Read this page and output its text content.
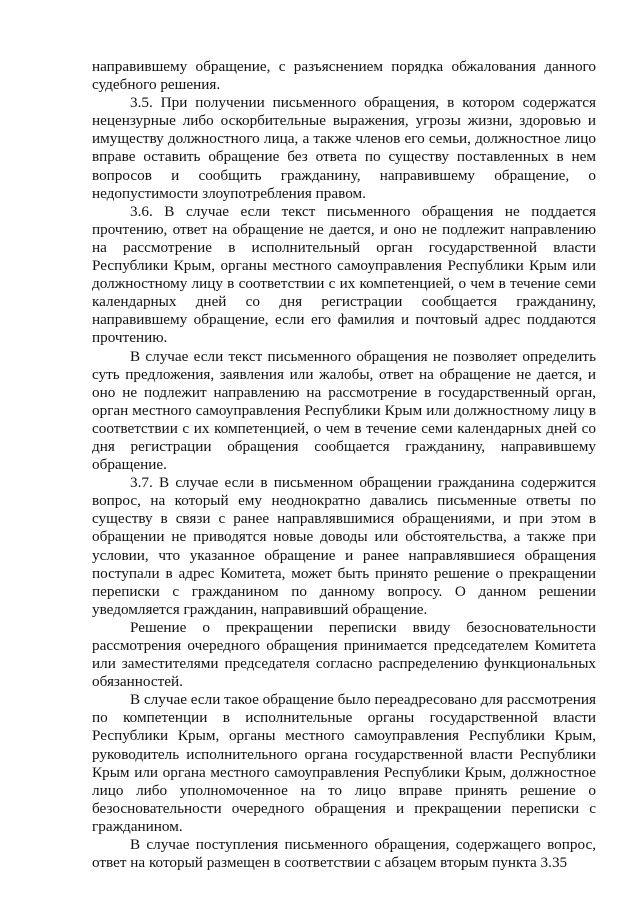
направившему обращение, с разъяснением порядка обжалования данного судебного решения.

3.5. При получении письменного обращения, в котором содержатся нецензурные либо оскорбительные выражения, угрозы жизни, здоровью и имуществу должностного лица, а также членов его семьи, должностное лицо вправе оставить обращение без ответа по существу поставленных в нем вопросов и сообщить гражданину, направившему обращение, о недопустимости злоупотребления правом.

3.6. В случае если текст письменного обращения не поддается прочтению, ответ на обращение не дается, и оно не подлежит направлению на рассмотрение в исполнительный орган государственной власти Республики Крым, органы местного самоуправления Республики Крым или должностному лицу в соответствии с их компетенцией, о чем в течение семи календарных дней со дня регистрации сообщается гражданину, направившему обращение, если его фамилия и почтовый адрес поддаются прочтению.

В случае если текст письменного обращения не позволяет определить суть предложения, заявления или жалобы, ответ на обращение не дается, и оно не подлежит направлению на рассмотрение в государственный орган, орган местного самоуправления Республики Крым или должностному лицу в соответствии с их компетенцией, о чем в течение семи календарных дней со дня регистрации обращения сообщается гражданину, направившему обращение.

3.7. В случае если в письменном обращении гражданина содержится вопрос, на который ему неоднократно давались письменные ответы по существу в связи с ранее направлявшимися обращениями, и при этом в обращении не приводятся новые доводы или обстоятельства, а также при условии, что указанное обращение и ранее направлявшиеся обращения поступали в адрес Комитета, может быть принято решение о прекращении переписки с гражданином по данному вопросу. О данном решении уведомляется гражданин, направивший обращение.

Решение о прекращении переписки ввиду безосновательности рассмотрения очередного обращения принимается председателем Комитета или заместителями председателя согласно распределению функциональных обязанностей.

В случае если такое обращение было переадресовано для рассмотрения по компетенции в исполнительные органы государственной власти Республики Крым, органы местного самоуправления Республики Крым, руководитель исполнительного органа государственной власти Республики Крым или органа местного самоуправления Республики Крым, должностное лицо либо уполномоченное на то лицо вправе принять решение о безосновательности очередного обращения и прекращении переписки с гражданином.

В случае поступления письменного обращения, содержащего вопрос, ответ на который размещен в соответствии с абзацем вторым пункта 3.35
